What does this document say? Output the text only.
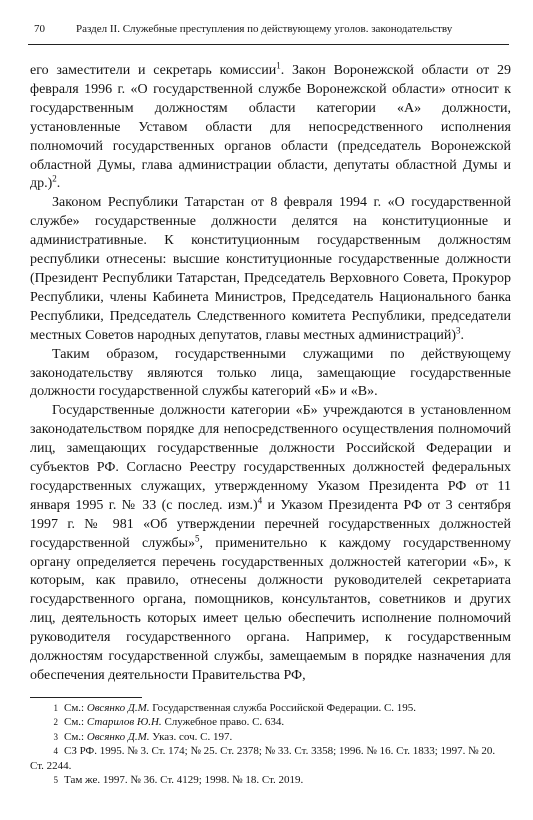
70	Раздел II. Служебные преступления по действующему уголов. законодательству

его заместители и секретарь комиссии$^1$. Закон Воронежской области от 29 февраля 1996 г. «О государственной службе Воронежской области» относит к государственным должностям области категории «А» должности, установленные Уставом области для непосредственного исполнения полномочий государственных органов области (председатель Воронежской областной Думы, глава администрации области, депутаты областной Думы и др.)$^2$.

Законом Республики Татарстан от 8 февраля 1994 г. «О государственной службе» государственные должности делятся на конституционные и административные. К конституционным государственным должностям республики отнесены: высшие конституционные государственные должности (Президент Республики Татарстан, Председатель Верховного Совета, Прокурор Республики, члены Кабинета Министров, Председатель Национального банка Республики, Председатель Следственного комитета Республики, председатели местных Советов народных депутатов, главы местных администраций)$^3$.

Таким образом, государственными служащими по действующему законодательству являются только лица, замещающие государственные должности государственной службы категорий «Б» и «В».

Государственные должности категории «Б» учреждаются в установленном законодательством порядке для непосредственного осуществления полномочий лиц, замещающих государственные должности Российской Федерации и субъектов РФ. Согласно Реестру государственных должностей федеральных государственных служащих, утвержденному Указом Президента РФ от 11 января 1995 г. № 33 (с послед. изм.)$^4$ и Указом Президента РФ от 3 сентября 1997 г. № 981 «Об утверждении перечней государственных должностей государственной службы»$^5$, применительно к каждому государственному органу определяется перечень государственных должностей категории «Б», к которым, как правило, отнесены должности руководителей секретариата государственного органа, помощников, консультантов, советников и других лиц, деятельность которых имеет целью обеспечить исполнение полномочий руководителя государственного органа. Например, к государственным должностям государственной службы, замещаемым в порядке назначения для обеспечения деятельности Правительства РФ,

1 См.: Овсянко Д.М. Государственная служба Российской Федерации. С. 195.
2 См.: Старилов Ю.Н. Служебное право. С. 634.
3 См.: Овсянко Д.М. Указ. соч. С. 197.
4 СЗ РФ. 1995. № 3. Ст. 174; № 25. Ст. 2378; № 33. Ст. 3358; 1996. № 16. Ст. 1833; 1997. № 20. Ст. 2244.
5 Там же. 1997. № 36. Ст. 4129; 1998. № 18. Ст. 2019.
